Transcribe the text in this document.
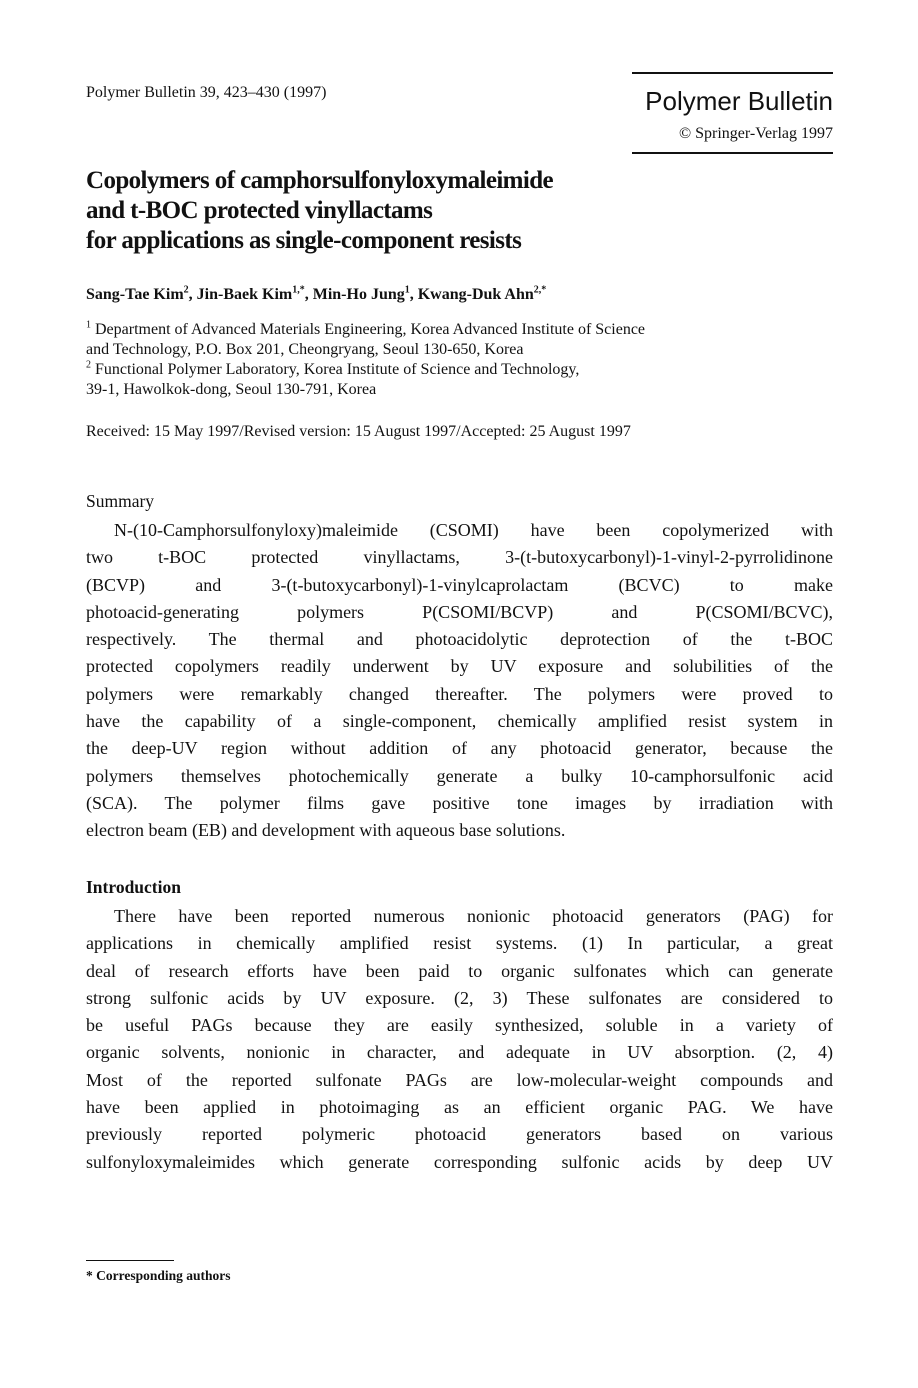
Polymer Bulletin 39, 423–430 (1997)	Polymer Bulletin
© Springer-Verlag 1997
Copolymers of camphorsulfonyloxymaleimide
and t-BOC protected vinyllactams
for applications as single-component resists
Sang-Tae Kim$^2$, Jin-Baek Kim$^{1,*}$, Min-Ho Jung$^1$, Kwang-Duk Ahn$^{2,*}$
$^1$ Department of Advanced Materials Engineering, Korea Advanced Institute of Science
and Technology, P.O. Box 201, Cheongryang, Seoul 130-650, Korea
$^2$ Functional Polymer Laboratory, Korea Institute of Science and Technology,
39-1, Hawolkok-dong, Seoul 130-791, Korea
Received: 15 May 1997/Revised version: 15 August 1997/Accepted: 25 August 1997
Summary
N-(10-Camphorsulfonyloxy)maleimide (CSOMI) have been copolymerized with
two t-BOC protected vinyllactams, 3-(t-butoxycarbonyl)-1-vinyl-2-pyrrolidinone
(BCVP) and 3-(t-butoxycarbonyl)-1-vinylcaprolactam (BCVC) to make
photoacid-generating polymers P(CSOMI/BCVP) and P(CSOMI/BCVC),
respectively. The thermal and photoacidolytic deprotection of the t-BOC
protected copolymers readily underwent by UV exposure and solubilities of the
polymers were remarkably changed thereafter. The polymers were proved to
have the capability of a single-component, chemically amplified resist system in
the deep-UV region without addition of any photoacid generator, because the
polymers themselves photochemically generate a bulky 10-camphorsulfonic acid
(SCA). The polymer films gave positive tone images by irradiation with
electron beam (EB) and development with aqueous base solutions.
Introduction
There have been reported numerous nonionic photoacid generators (PAG) for
applications in chemically amplified resist systems. (1) In particular, a great
deal of research efforts have been paid to organic sulfonates which can generate
strong sulfonic acids by UV exposure. (2, 3) These sulfonates are considered to
be useful PAGs because they are easily synthesized, soluble in a variety of
organic solvents, nonionic in character, and adequate in UV absorption. (2, 4)
Most of the reported sulfonate PAGs are low-molecular-weight compounds and
have been applied in photoimaging as an efficient organic PAG. We have
previously reported polymeric photoacid generators based on various
sulfonyloxymaleimides which generate corresponding sulfonic acids by deep UV
* Corresponding authors
